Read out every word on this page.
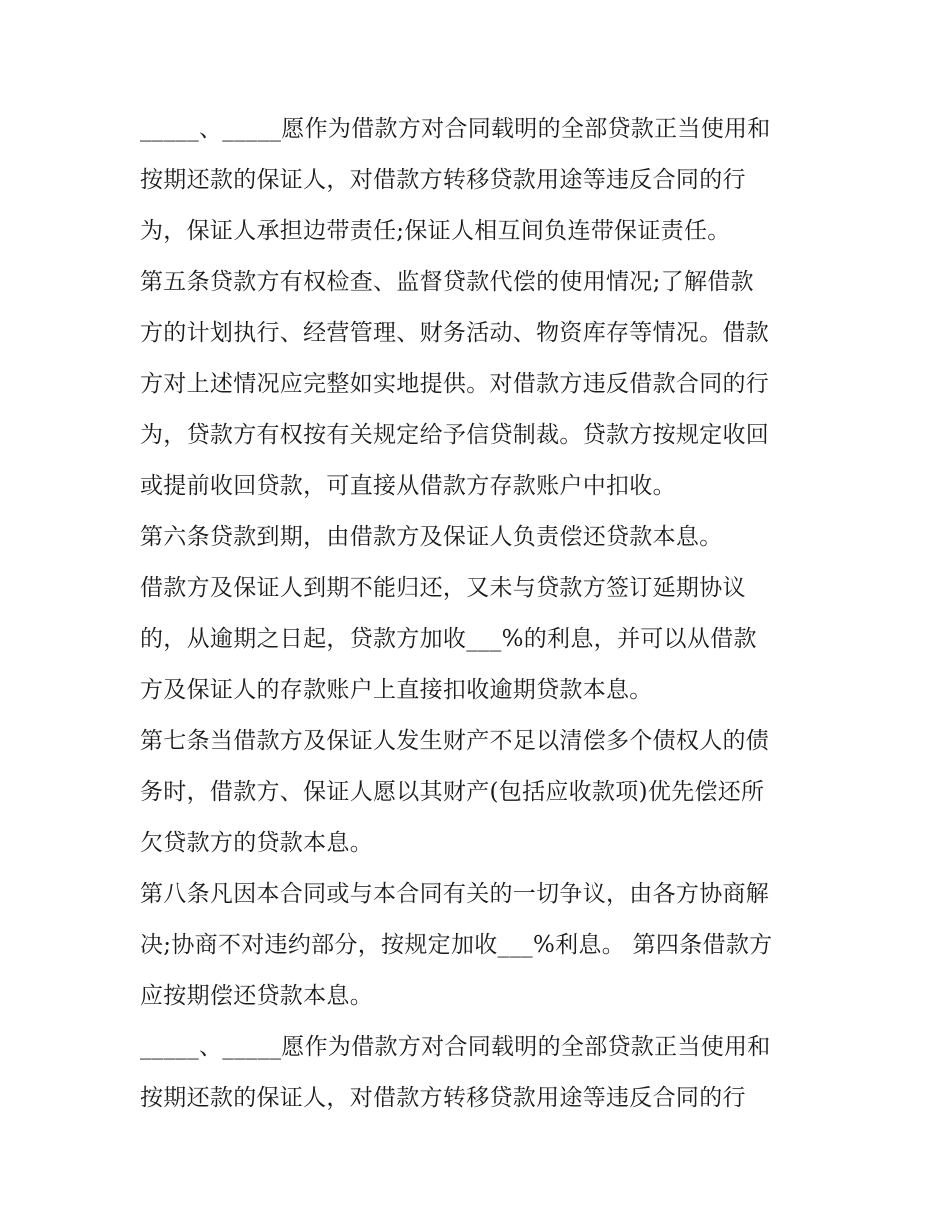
_____、_____愿作为借款方对合同载明的全部贷款正当使用和
按期还款的保证人，对借款方转移贷款用途等违反合同的行
为，保证人承担边带责任;保证人相互间负连带保证责任。
第五条贷款方有权检查、监督贷款代偿的使用情况;了解借款
方的计划执行、经营管理、财务活动、物资库存等情况。借款
方对上述情况应完整如实地提供。对借款方违反借款合同的行
为，贷款方有权按有关规定给予信贷制裁。贷款方按规定收回
或提前收回贷款，可直接从借款方存款账户中扣收。
第六条贷款到期，由借款方及保证人负责偿还贷款本息。
借款方及保证人到期不能归还，又未与贷款方签订延期协议
的，从逾期之日起，贷款方加收___%的利息，并可以从借款
方及保证人的存款账户上直接扣收逾期贷款本息。
第七条当借款方及保证人发生财产不足以清偿多个债权人的债
务时，借款方、保证人愿以其财产(包括应收款项)优先偿还所
欠贷款方的贷款本息。
第八条凡因本合同或与本合同有关的一切争议，由各方协商解
决;协商不对违约部分，按规定加收___%利息。 第四条借款方
应按期偿还贷款本息。
_____、_____愿作为借款方对合同载明的全部贷款正当使用和
按期还款的保证人，对借款方转移贷款用途等违反合同的行
